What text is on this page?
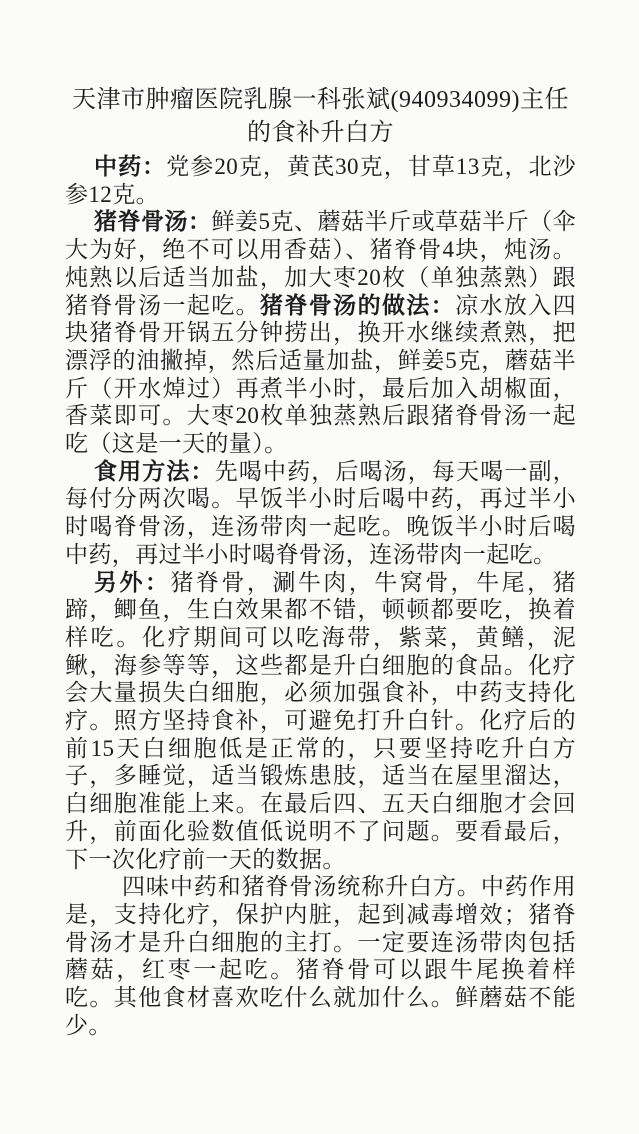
天津市肿瘤医院乳腺一科张斌(940934099)主任的食补升白方

中药：党参20克，黄芪30克，甘草13克，北沙参12克。

猪脊骨汤：鲜姜5克、蘑菇半斤或草菇半斤（伞大为好，绝不可以用香菇）、猪脊骨4块，炖汤。炖熟以后适当加盐，加大枣20枚（单独蒸熟）跟猪脊骨汤一起吃。猪脊骨汤的做法：凉水放入四块猪脊骨开锅五分钟捞出，换开水继续煮熟，把漂浮的油撇掉，然后适量加盐，鲜姜5克，蘑菇半斤（开水焯过）再煮半小时，最后加入胡椒面，香菜即可。大枣20枚单独蒸熟后跟猪脊骨汤一起吃（这是一天的量）。

食用方法：先喝中药，后喝汤，每天喝一副，每付分两次喝。早饭半小时后喝中药，再过半小时喝脊骨汤，连汤带肉一起吃。晚饭半小时后喝中药，再过半小时喝脊骨汤，连汤带肉一起吃。

另外：猪脊骨，涮牛肉，牛窝骨，牛尾，猪蹄，鲫鱼，生白效果都不错，顿顿都要吃，换着样吃。化疗期间可以吃海带，紫菜，黄鳝，泥鳅，海参等等，这些都是升白细胞的食品。化疗会大量损失白细胞，必须加强食补，中药支持化疗。照方坚持食补，可避免打升白针。化疗后的前15天白细胞低是正常的，只要坚持吃升白方子，多睡觉，适当锻炼患肢，适当在屋里溜达，白细胞准能上来。在最后四、五天白细胞才会回升，前面化验数值低说明不了问题。要看最后，下一次化疗前一天的数据。

四味中药和猪脊骨汤统称升白方。中药作用是，支持化疗，保护内脏，起到减毒增效；猪脊骨汤才是升白细胞的主打。一定要连汤带肉包括蘑菇，红枣一起吃。猪脊骨可以跟牛尾换着样吃。其他食材喜欢吃什么就加什么。鲜蘑菇不能少。
